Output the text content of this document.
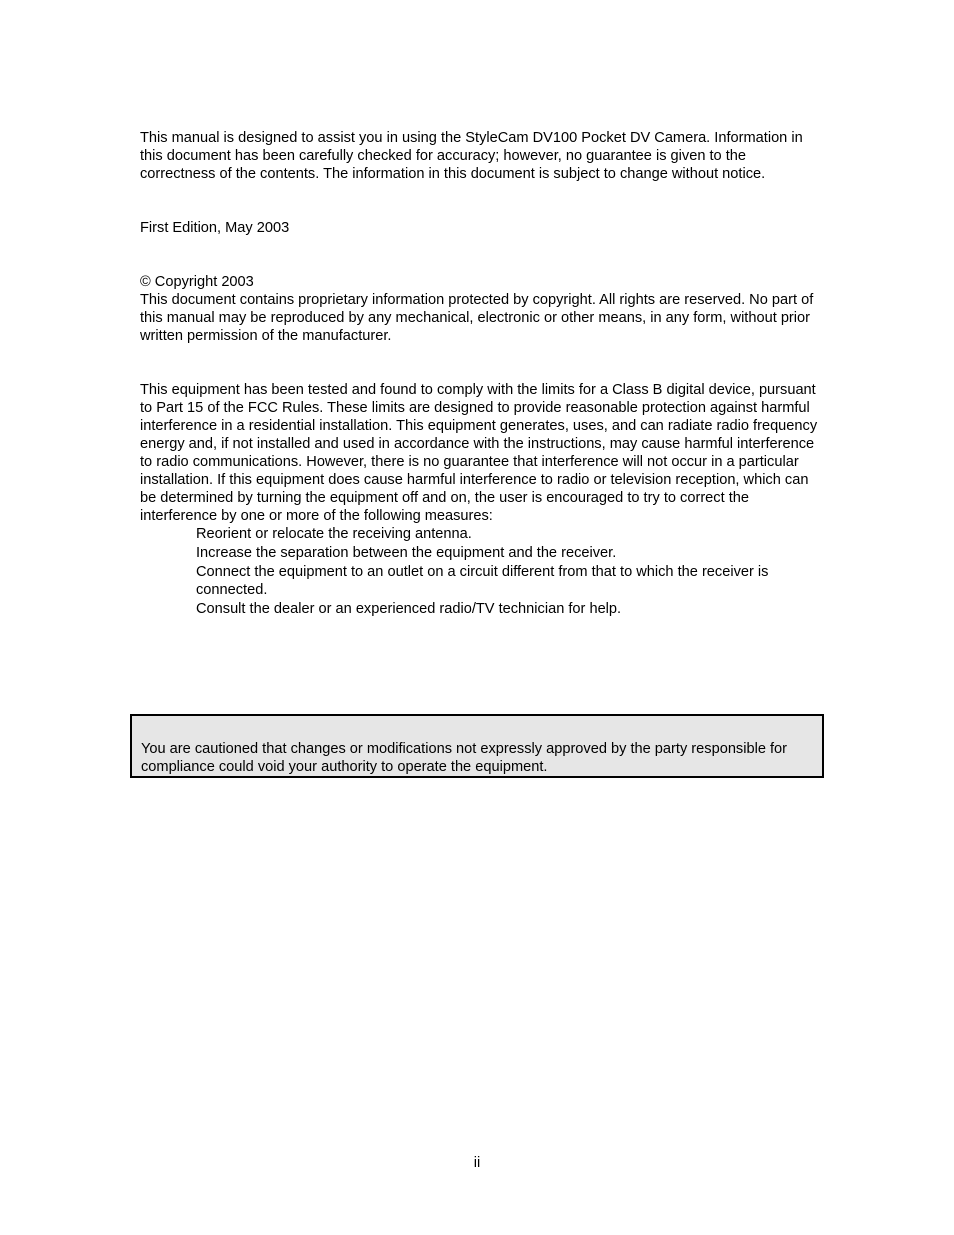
This manual is designed to assist you in using the StyleCam DV100 Pocket DV Camera. Information in this document has been carefully checked for accuracy; however, no guarantee is given to the correctness of the contents. The information in this document is subject to change without notice.

First Edition, May 2003

© Copyright 2003

This document contains proprietary information protected by copyright. All rights are reserved. No part of this manual may be reproduced by any mechanical, electronic or other means, in any form, without prior written permission of the manufacturer.

This equipment has been tested and found to comply with the limits for a Class B digital device, pursuant to Part 15 of the FCC Rules. These limits are designed to provide reasonable protection against harmful interference in a residential installation. This equipment generates, uses, and can radiate radio frequency energy and, if not installed and used in accordance with the instructions, may cause harmful interference to radio communications. However, there is no guarantee that interference will not occur in a particular installation. If this equipment does cause harmful interference to radio or television reception, which can be determined by turning the equipment off and on, the user is encouraged to try to correct the interference by one or more of the following measures:

Reorient or relocate the receiving antenna.
Increase the separation between the equipment and the receiver.
Connect the equipment to an outlet on a circuit different from that to which the receiver is connected.
Consult the dealer or an experienced radio/TV technician for help.

You are cautioned that changes or modifications not expressly approved by the party responsible for compliance could void your authority to operate the equipment.

ii
